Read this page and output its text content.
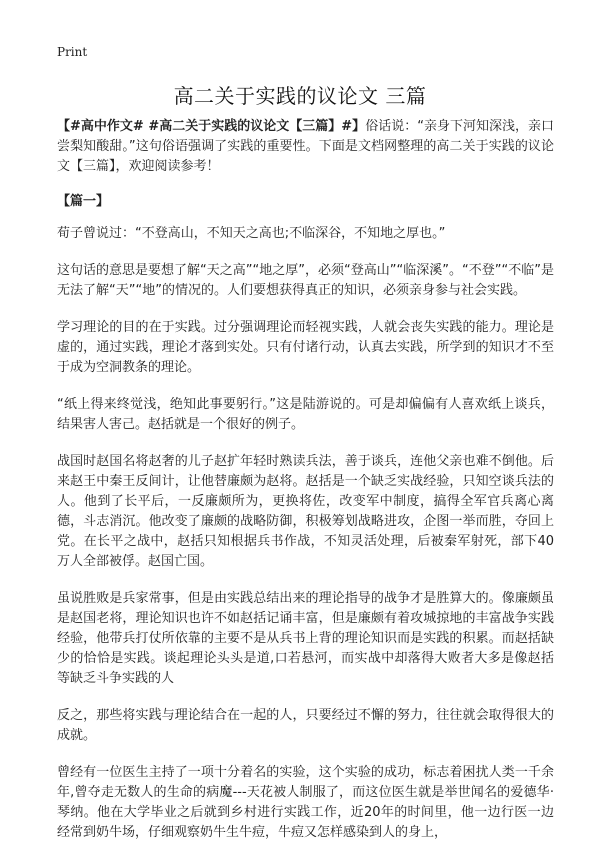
Print
高二关于实践的议论文 三篇

【#高中作文# #高二关于实践的议论文【三篇】#】俗话说：“亲身下河知深浅，亲口尝梨知酸甜。”这句俗语强调了实践的重要性。下面是文档网整理的高二关于实践的议论文【三篇】，欢迎阅读参考！

【篇一】

荀子曾说过：“不登高山，不知天之高也;不临深谷，不知地之厚也。”

这句话的意思是要想了解“天之高”“地之厚”，必须“登高山”“临深溪”。“不登”“不临”是无法了解“天”“地”的情况的。人们要想获得真正的知识，必须亲身参与社会实践。

学习理论的目的在于实践。过分强调理论而轻视实践，人就会丧失实践的能力。理论是虚的，通过实践，理论才落到实处。只有付诸行动，认真去实践，所学到的知识才不至于成为空洞教条的理论。

“纸上得来终觉浅，绝知此事要躬行。”这是陆游说的。可是却偏偏有人喜欢纸上谈兵，结果害人害己。赵括就是一个很好的例子。

战国时赵国名将赵奢的儿子赵扩年轻时熟读兵法，善于谈兵，连他父亲也难不倒他。后来赵王中秦王反间计，让他替廉颇为赵将。赵括是一个缺乏实战经验，只知空谈兵法的人。他到了长平后，一反廉颇所为，更换将佐，改变军中制度，搞得全军官兵离心离德，斗志消沉。他改变了廉颇的战略防御，积极筹划战略进攻，企图一举而胜，夺回上党。在长平之战中，赵括只知根据兵书作战，不知灵活处理，后被秦军射死，部下40万人全部被俘。赵国亡国。

虽说胜败是兵家常事，但是由实践总结出来的理论指导的战争才是胜算大的。像廉颇虽是赵国老将，理论知识也许不如赵括记诵丰富，但是廉颇有着攻城掠地的丰富战争实践经验，他带兵打仗所依靠的主要不是从兵书上背的理论知识而是实践的积累。而赵括缺少的恰恰是实践。谈起理论头头是道,口若悬河，而实战中却落得大败者大多是像赵括等缺乏斗争实践的人

反之，那些将实践与理论结合在一起的人，只要经过不懈的努力，往往就会取得很大的成就。

曾经有一位医生主持了一项十分着名的实验，这个实验的成功，标志着困扰人类一千余年,曾夺走无数人的生命的病魔---天花被人制服了，而这位医生就是举世闻名的爱德华·琴纳。他在大学毕业之后就到乡村进行实践工作，近20年的时间里，他一边行医一边经常到奶牛场，仔细观察奶牛生牛痘，牛痘又怎样感染到人的身上，
